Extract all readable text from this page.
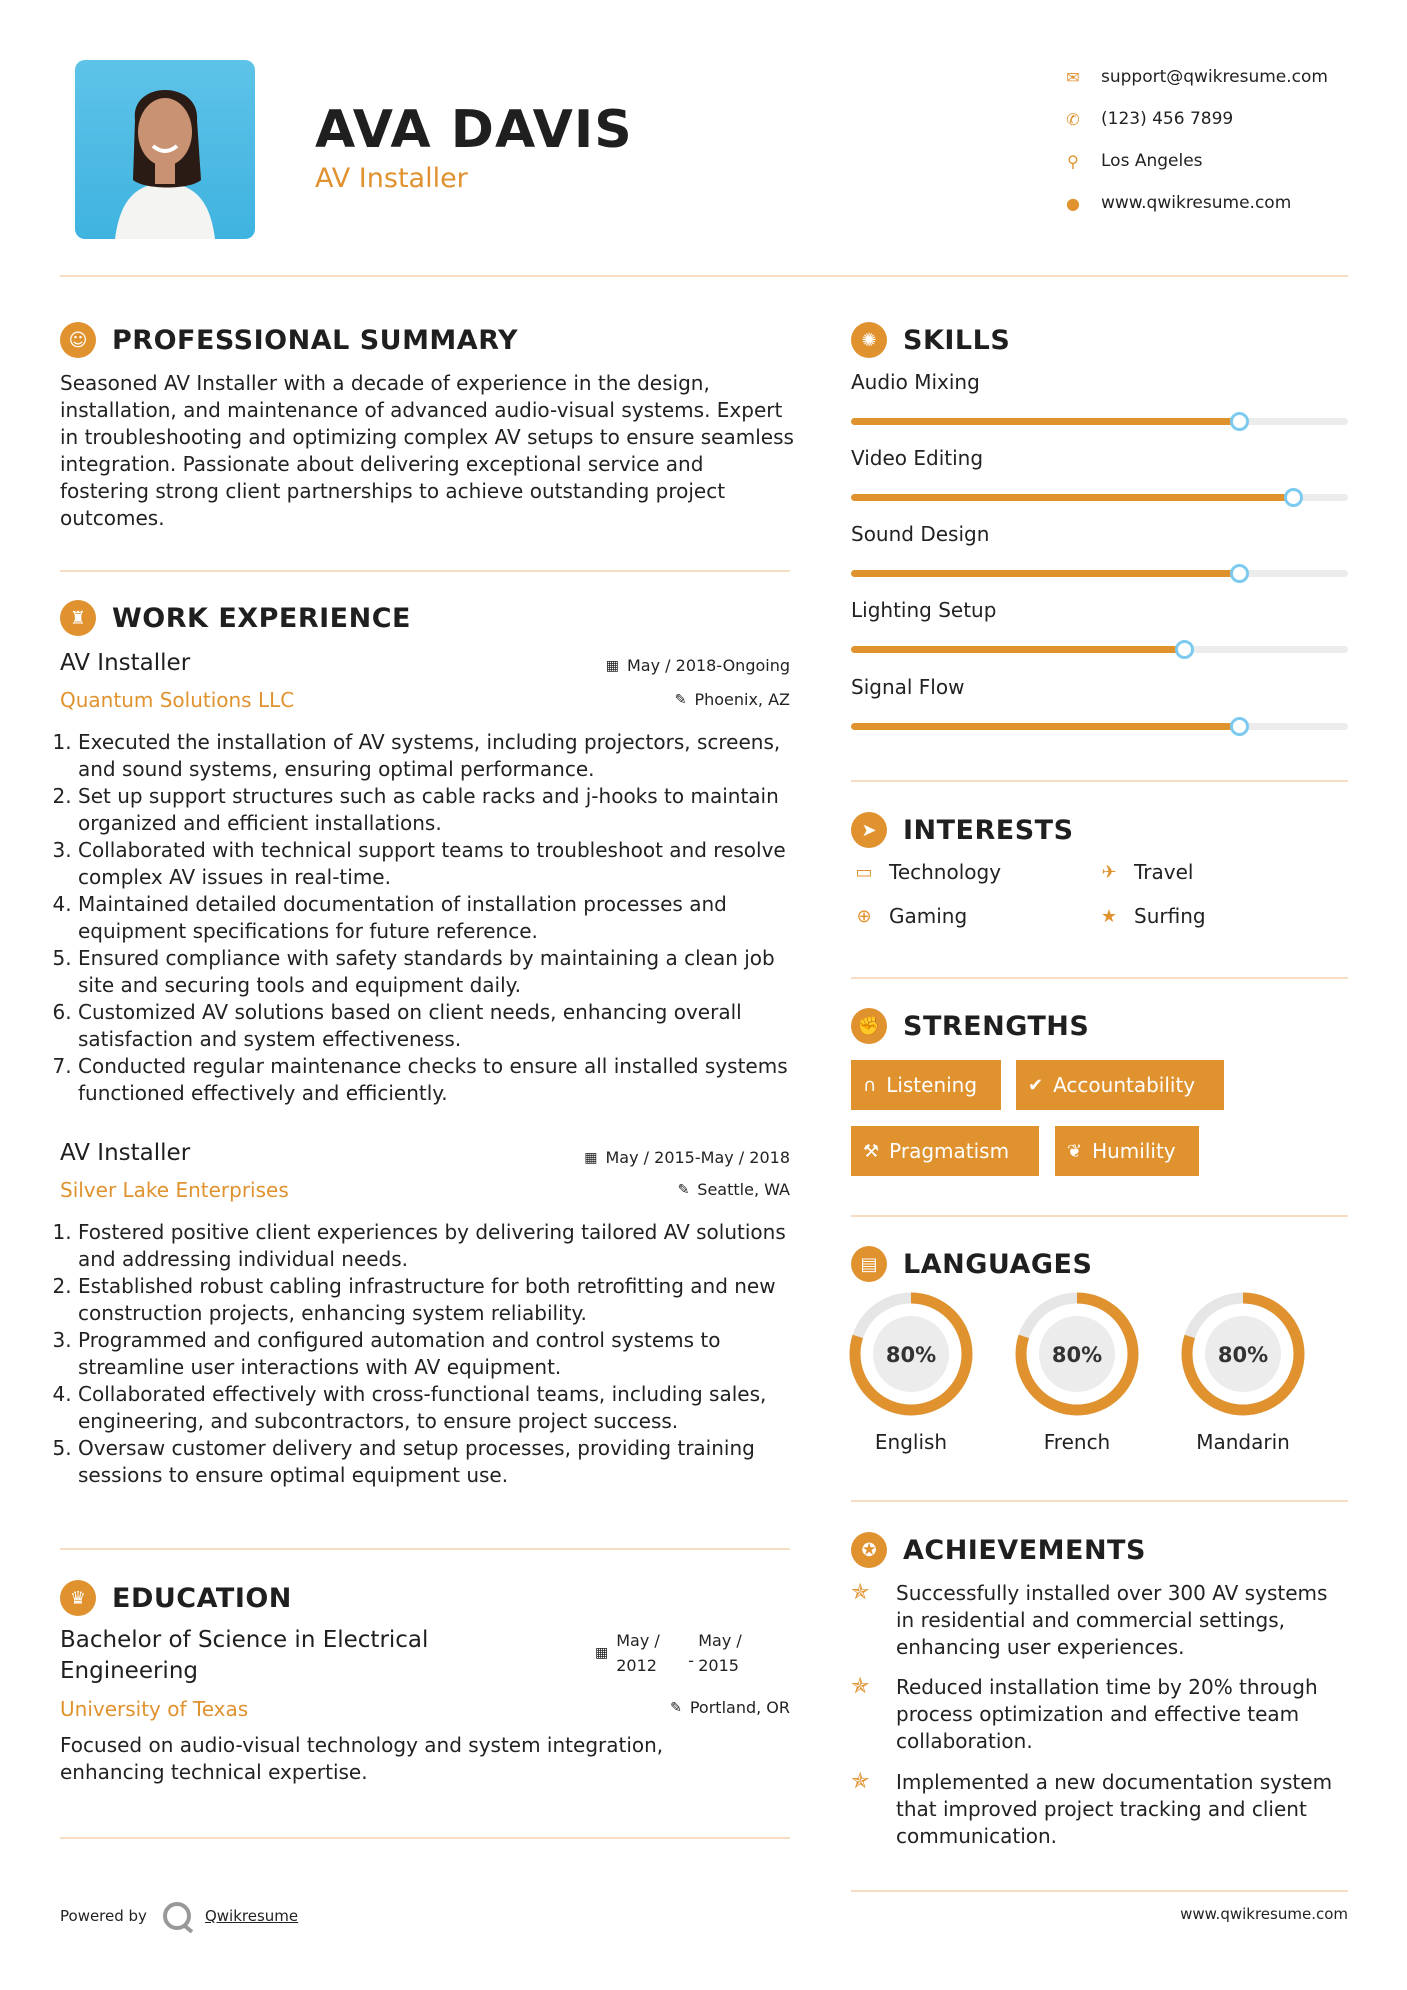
AVA DAVIS
AV Installer
✉	support@qwikresume.com
✆	(123) 456 7899
⚲	Los Angeles
●	www.qwikresume.com
☺ PROFESSIONAL SUMMARY
Seasoned AV Installer with a decade of experience in the design, installation, and maintenance of advanced audio-visual systems. Expert in troubleshooting and optimizing complex AV setups to ensure seamless integration. Passionate about delivering exceptional service and fostering strong client partnerships to achieve outstanding project outcomes.
♜ WORK EXPERIENCE
AV Installer
Quantum Solutions LLC
▦ May / 2018-Ongoing
✎ Phoenix, AZ
1. Executed the installation of AV systems, including projectors, screens, and sound systems, ensuring optimal performance.
2. Set up support structures such as cable racks and j-hooks to maintain organized and efficient installations.
3. Collaborated with technical support teams to troubleshoot and resolve complex AV issues in real-time.
4. Maintained detailed documentation of installation processes and equipment specifications for future reference.
5. Ensured compliance with safety standards by maintaining a clean job site and securing tools and equipment daily.
6. Customized AV solutions based on client needs, enhancing overall satisfaction and system effectiveness.
7. Conducted regular maintenance checks to ensure all installed systems functioned effectively and efficiently.
AV Installer
Silver Lake Enterprises
▦ May / 2015-May / 2018
✎ Seattle, WA
1. Fostered positive client experiences by delivering tailored AV solutions and addressing individual needs.
2. Established robust cabling infrastructure for both retrofitting and new construction projects, enhancing system reliability.
3. Programmed and configured automation and control systems to streamline user interactions with AV equipment.
4. Collaborated effectively with cross-functional teams, including sales, engineering, and subcontractors, to ensure project success.
5. Oversaw customer delivery and setup processes, providing training sessions to ensure optimal equipment use.
♛ EDUCATION
Bachelor of Science in Electrical
Engineering
University of Texas
▦
May /
2012	-
May /
2015
✎ Portland, OR
Focused on audio-visual technology and system integration, enhancing technical expertise.
✺ SKILLS
Audio Mixing
Video Editing
Sound Design
Lighting Setup
Signal Flow
➤ INTERESTS
▭ Technology	✈ Travel
⊕ Gaming	★ Surfing
✊ STRENGTHS
∩ Listening	✔ Accountability
⚒ Pragmatism	❦ Humility
▤ LANGUAGES
80%
English
80%
French
80%
Mandarin
✪ ACHIEVEMENTS
✯	Successfully installed over 300 AV systems in residential and commercial settings, enhancing user experiences.
✯	Reduced installation time by 20% through process optimization and effective team collaboration.
✯	Implemented a new documentation system that improved project tracking and client communication.
Powered by	Qwikresume	www.qwikresume.com
